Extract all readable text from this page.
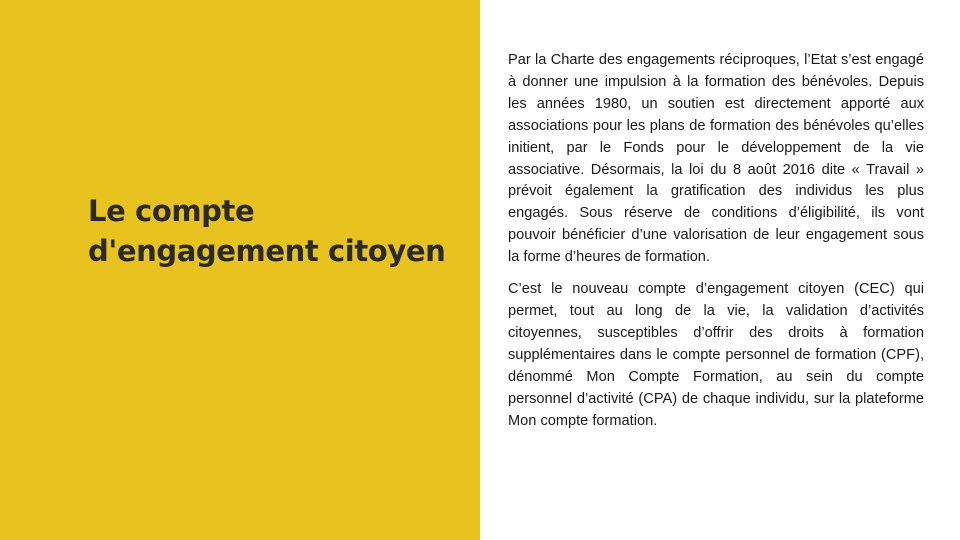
Le compte d'engagement citoyen

Par la Charte des engagements réciproques, l’Etat s’est engagé à donner une impulsion à la formation des bénévoles. Depuis les années 1980, un soutien est directement apporté aux associations pour les plans de formation des bénévoles qu’elles initient, par le Fonds pour le développement de la vie associative. Désormais, la loi du 8 août 2016 dite « Travail » prévoit également la gratification des individus les plus engagés. Sous réserve de conditions d’éligibilité, ils vont pouvoir bénéficier d’une valorisation de leur engagement sous la forme d’heures de formation.

C’est le nouveau compte d’engagement citoyen (CEC) qui permet, tout au long de la vie, la validation d’activités citoyennes, susceptibles d’offrir des droits à formation supplémentaires dans le compte personnel de formation (CPF), dénommé Mon Compte Formation, au sein du compte personnel d’activité (CPA) de chaque individu, sur la plateforme Mon compte formation.
